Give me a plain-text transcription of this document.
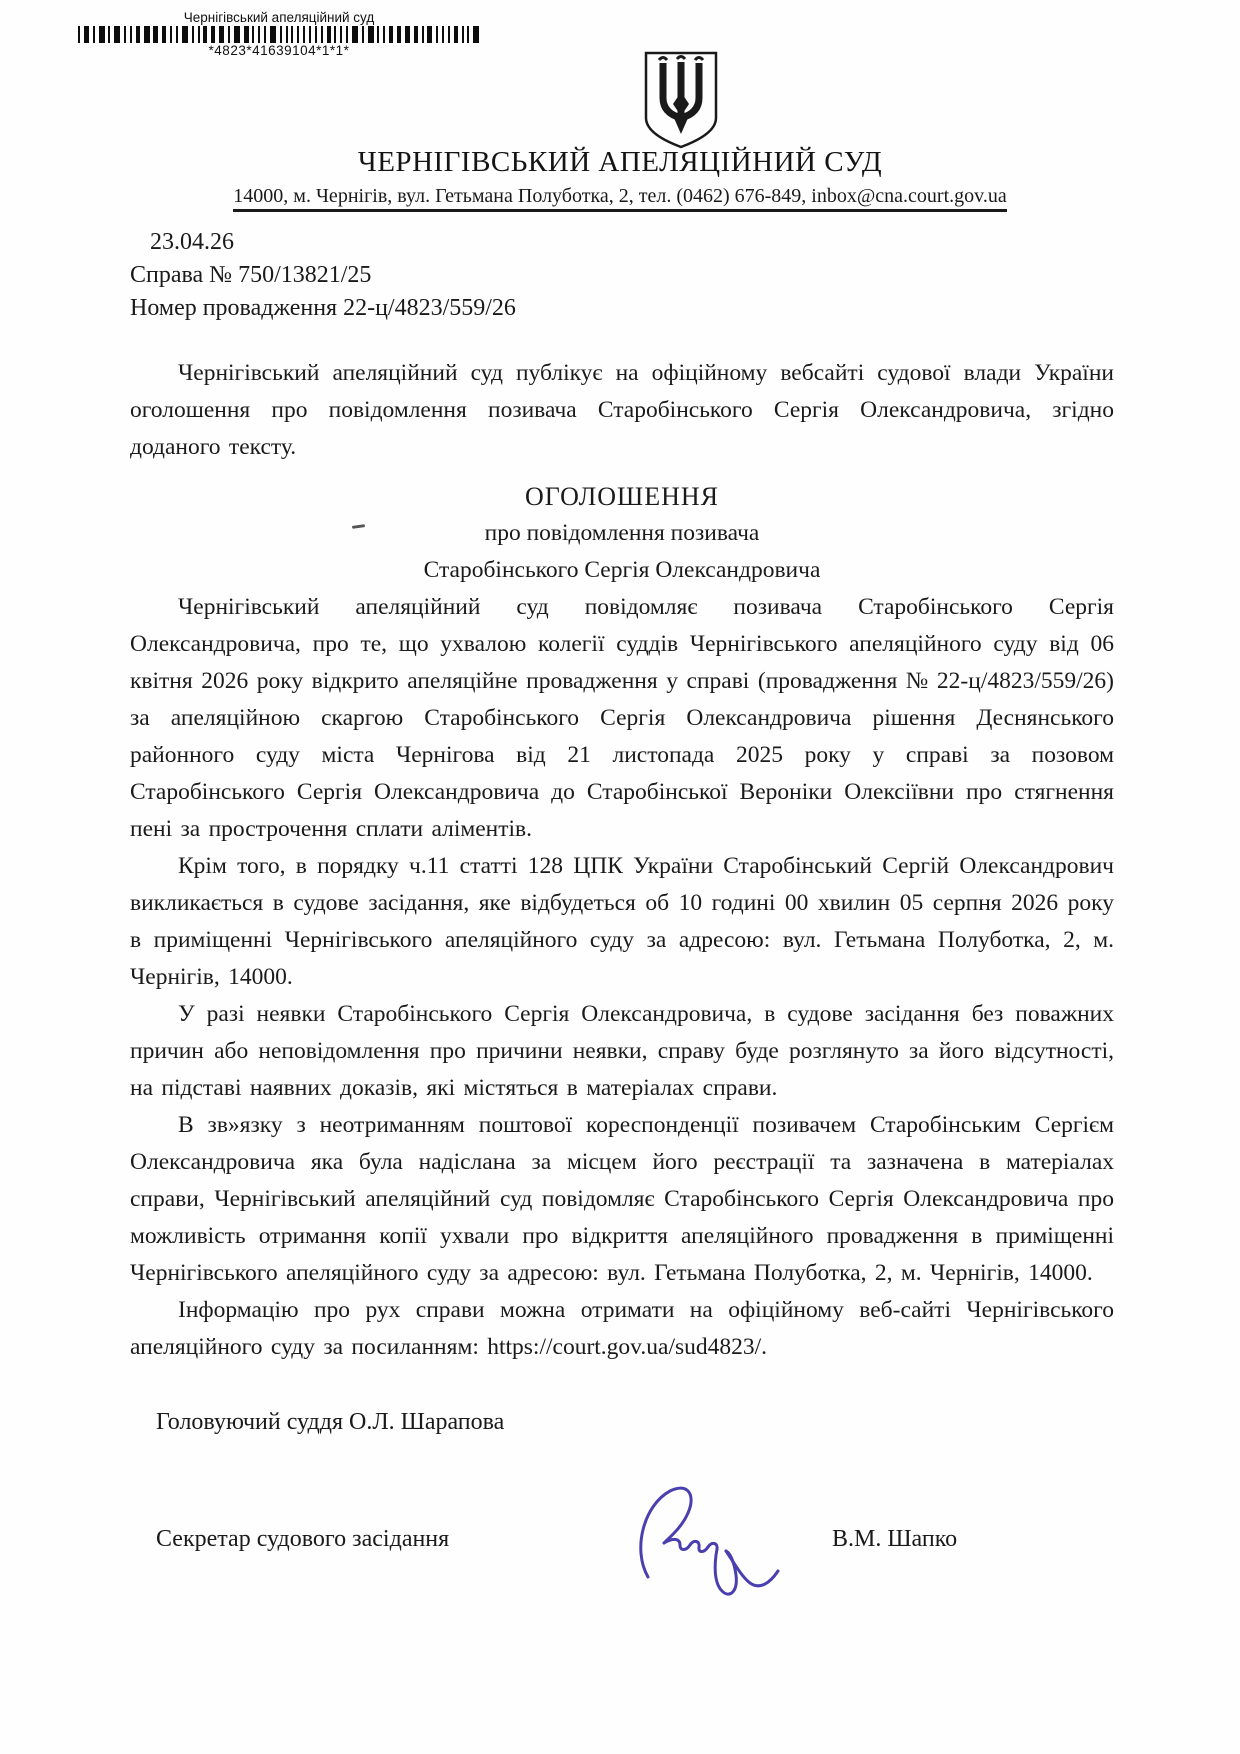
Чернігівський апеляційний суд
*4823*41639104*1*1*
ЧЕРНІГІВСЬКИЙ АПЕЛЯЦІЙНИЙ СУД
14000, м. Чернігів, вул. Гетьмана Полуботка, 2, тел. (0462) 676-849, inbox@cna.court.gov.ua
23.04.26
Справа № 750/13821/25
Номер провадження 22-ц/4823/559/26

Чернігівський апеляційний суд публікує на офіційному вебсайті судової влади України оголошення про повідомлення позивача Старобінського Сергія Олександровича, згідно доданого тексту.

ОГОЛОШЕННЯ
про повідомлення позивача
Старобінського Сергія Олександровича

Чернігівський апеляційний суд повідомляє позивача Старобінського Сергія Олександровича, про те, що ухвалою колегії суддів Чернігівського апеляційного суду від 06 квітня 2026 року відкрито апеляційне провадження у справі (провадження № 22-ц/4823/559/26) за апеляційною скаргою Старобінського Сергія Олександровича рішення Деснянського районного суду міста Чернігова від 21 листопада 2025 року у справі за позовом Старобінського Сергія Олександровича до Старобінської Вероніки Олексіївни про стягнення пені за прострочення сплати аліментів.

Крім того, в порядку ч.11 статті 128 ЦПК України Старобінський Сергій Олександрович викликається в судове засідання, яке відбудеться об 10 годині 00 хвилин 05 серпня 2026 року в приміщенні Чернігівського апеляційного суду за адресою: вул. Гетьмана Полуботка, 2, м. Чернігів, 14000.

У разі неявки Старобінського Сергія Олександровича, в судове засідання без поважних причин або неповідомлення про причини неявки, справу буде розглянуто за його відсутності, на підставі наявних доказів, які містяться в матеріалах справи.

В зв»язку з неотриманням поштової кореспонденції позивачем Старобінським Сергієм Олександровича яка була надіслана за місцем його реєстрації та зазначена в матеріалах справи, Чернігівський апеляційний суд повідомляє Старобінського Сергія Олександровича про можливість отримання копії ухвали про відкриття апеляційного провадження в приміщенні Чернігівського апеляційного суду за адресою: вул. Гетьмана Полуботка, 2, м. Чернігів, 14000.

Інформацію про рух справи можна отримати на офіційному веб-сайті Чернігівського апеляційного суду за посиланням: https://court.gov.ua/sud4823/.

Головуючий суддя О.Л. Шарапова
Секретар судового засідання	В.М. Шапко
